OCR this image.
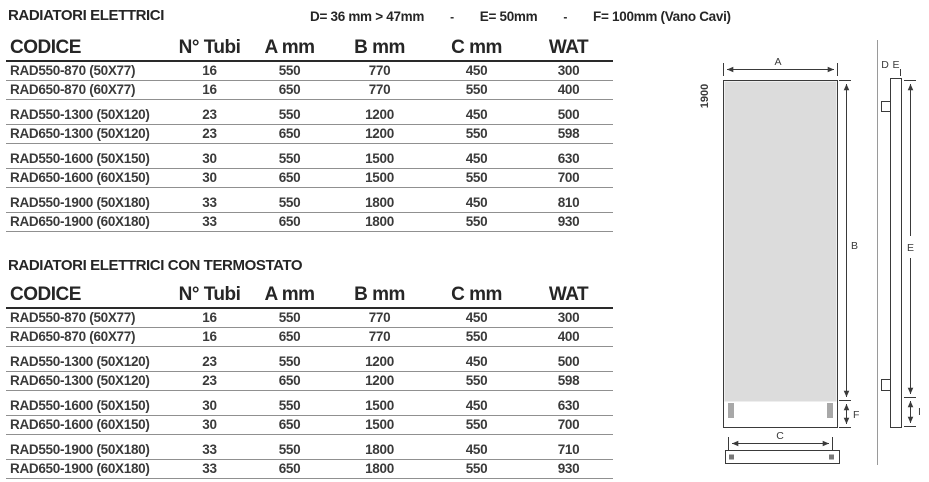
RADIATORI ELETTRICI	D= 36 mm > 47mm - E= 50mm - F= 100mm (Vano Cavi)
CODICE	N° Tubi	A mm	B mm	C mm	WAT
RAD550-870 (50X77)	16	550	770	450	300
RAD650-870 (60X77)	16	650	770	550	400
RAD550-1300 (50X120)	23	550	1200	450	500
RAD650-1300 (50X120)	23	650	1200	550	598
RAD550-1600 (50X150)	30	550	1500	450	630
RAD650-1600 (60X150)	30	650	1500	550	700
RAD550-1900 (50X180)	33	550	1800	450	810
RAD650-1900 (60X180)	33	650	1800	550	930
RADIATORI ELETTRICI CON TERMOSTATO
CODICE	N° Tubi	A mm	B mm	C mm	WAT
RAD550-870 (50X77)	16	550	770	450	300
RAD650-870 (60X77)	16	650	770	550	400
RAD550-1300 (50X120)	23	550	1200	450	500
RAD650-1300 (50X120)	23	650	1200	550	598
RAD550-1600 (50X150)	30	550	1500	450	630
RAD650-1600 (60X150)	30	650	1500	550	700
RAD550-1900 (50X180)	33	550	1800	450	710
RAD650-1900 (60X180)	33	650	1800	550	930
A
1900
B
F
C
D E
E
I
